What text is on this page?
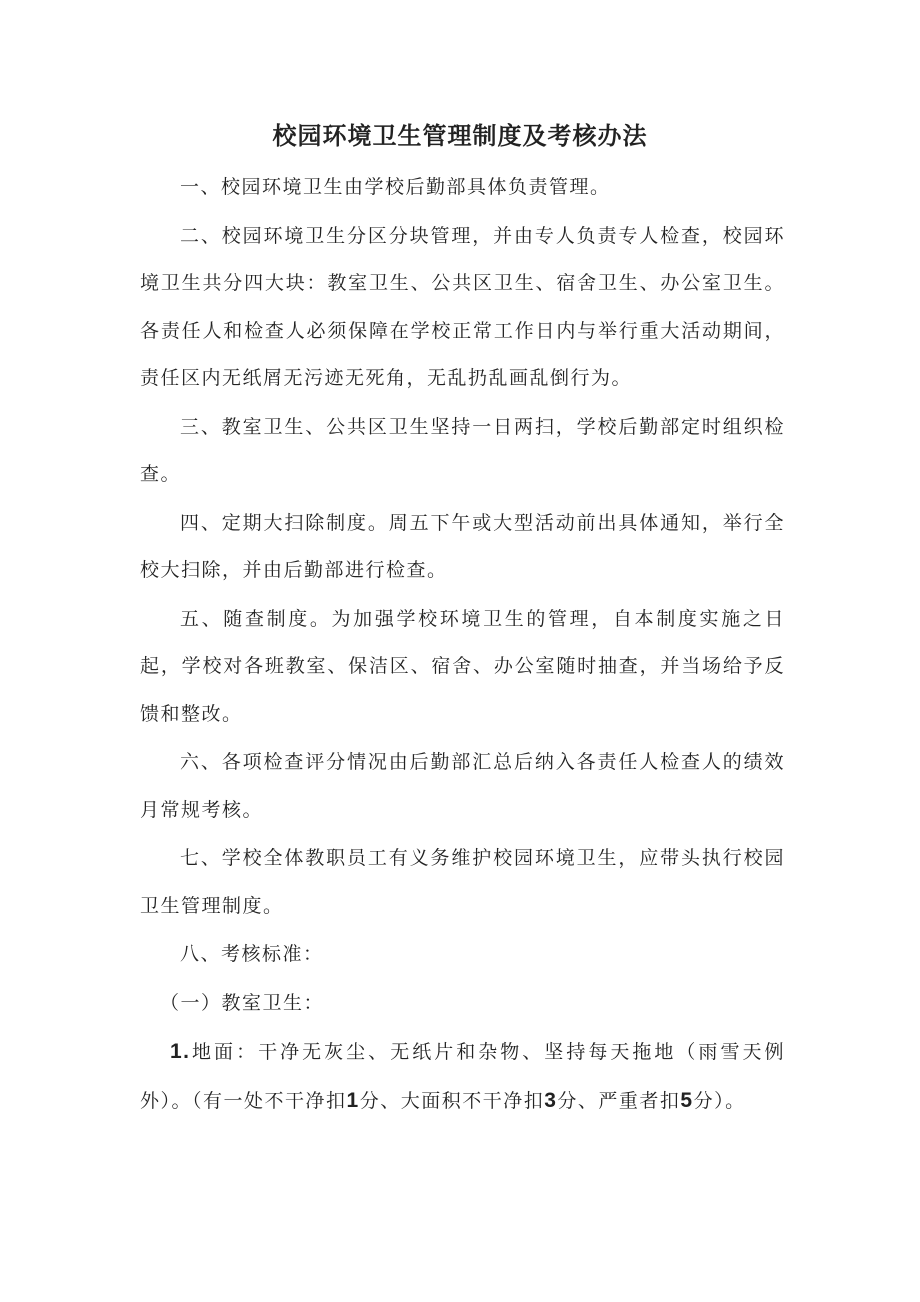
校园环境卫生管理制度及考核办法

一、校园环境卫生由学校后勤部具体负责管理。

二、校园环境卫生分区分块管理，并由专人负责专人检查，校园环境卫生共分四大块：教室卫生、公共区卫生、宿舍卫生、办公室卫生。各责任人和检查人必须保障在学校正常工作日内与举行重大活动期间，责任区内无纸屑无污迹无死角，无乱扔乱画乱倒行为。

三、教室卫生、公共区卫生坚持一日两扫，学校后勤部定时组织检查。

四、定期大扫除制度。周五下午或大型活动前出具体通知，举行全校大扫除，并由后勤部进行检查。

五、随查制度。为加强学校环境卫生的管理，自本制度实施之日起，学校对各班教室、保洁区、宿舍、办公室随时抽查，并当场给予反馈和整改。

六、各项检查评分情况由后勤部汇总后纳入各责任人检查人的绩效月常规考核。

七、学校全体教职员工有义务维护校园环境卫生，应带头执行校园卫生管理制度。

八、考核标准：

（一）教室卫生：

1.地面：干净无灰尘、无纸片和杂物、坚持每天拖地（雨雪天例外）。（有一处不干净扣1分、大面积不干净扣3分、严重者扣5分）。
